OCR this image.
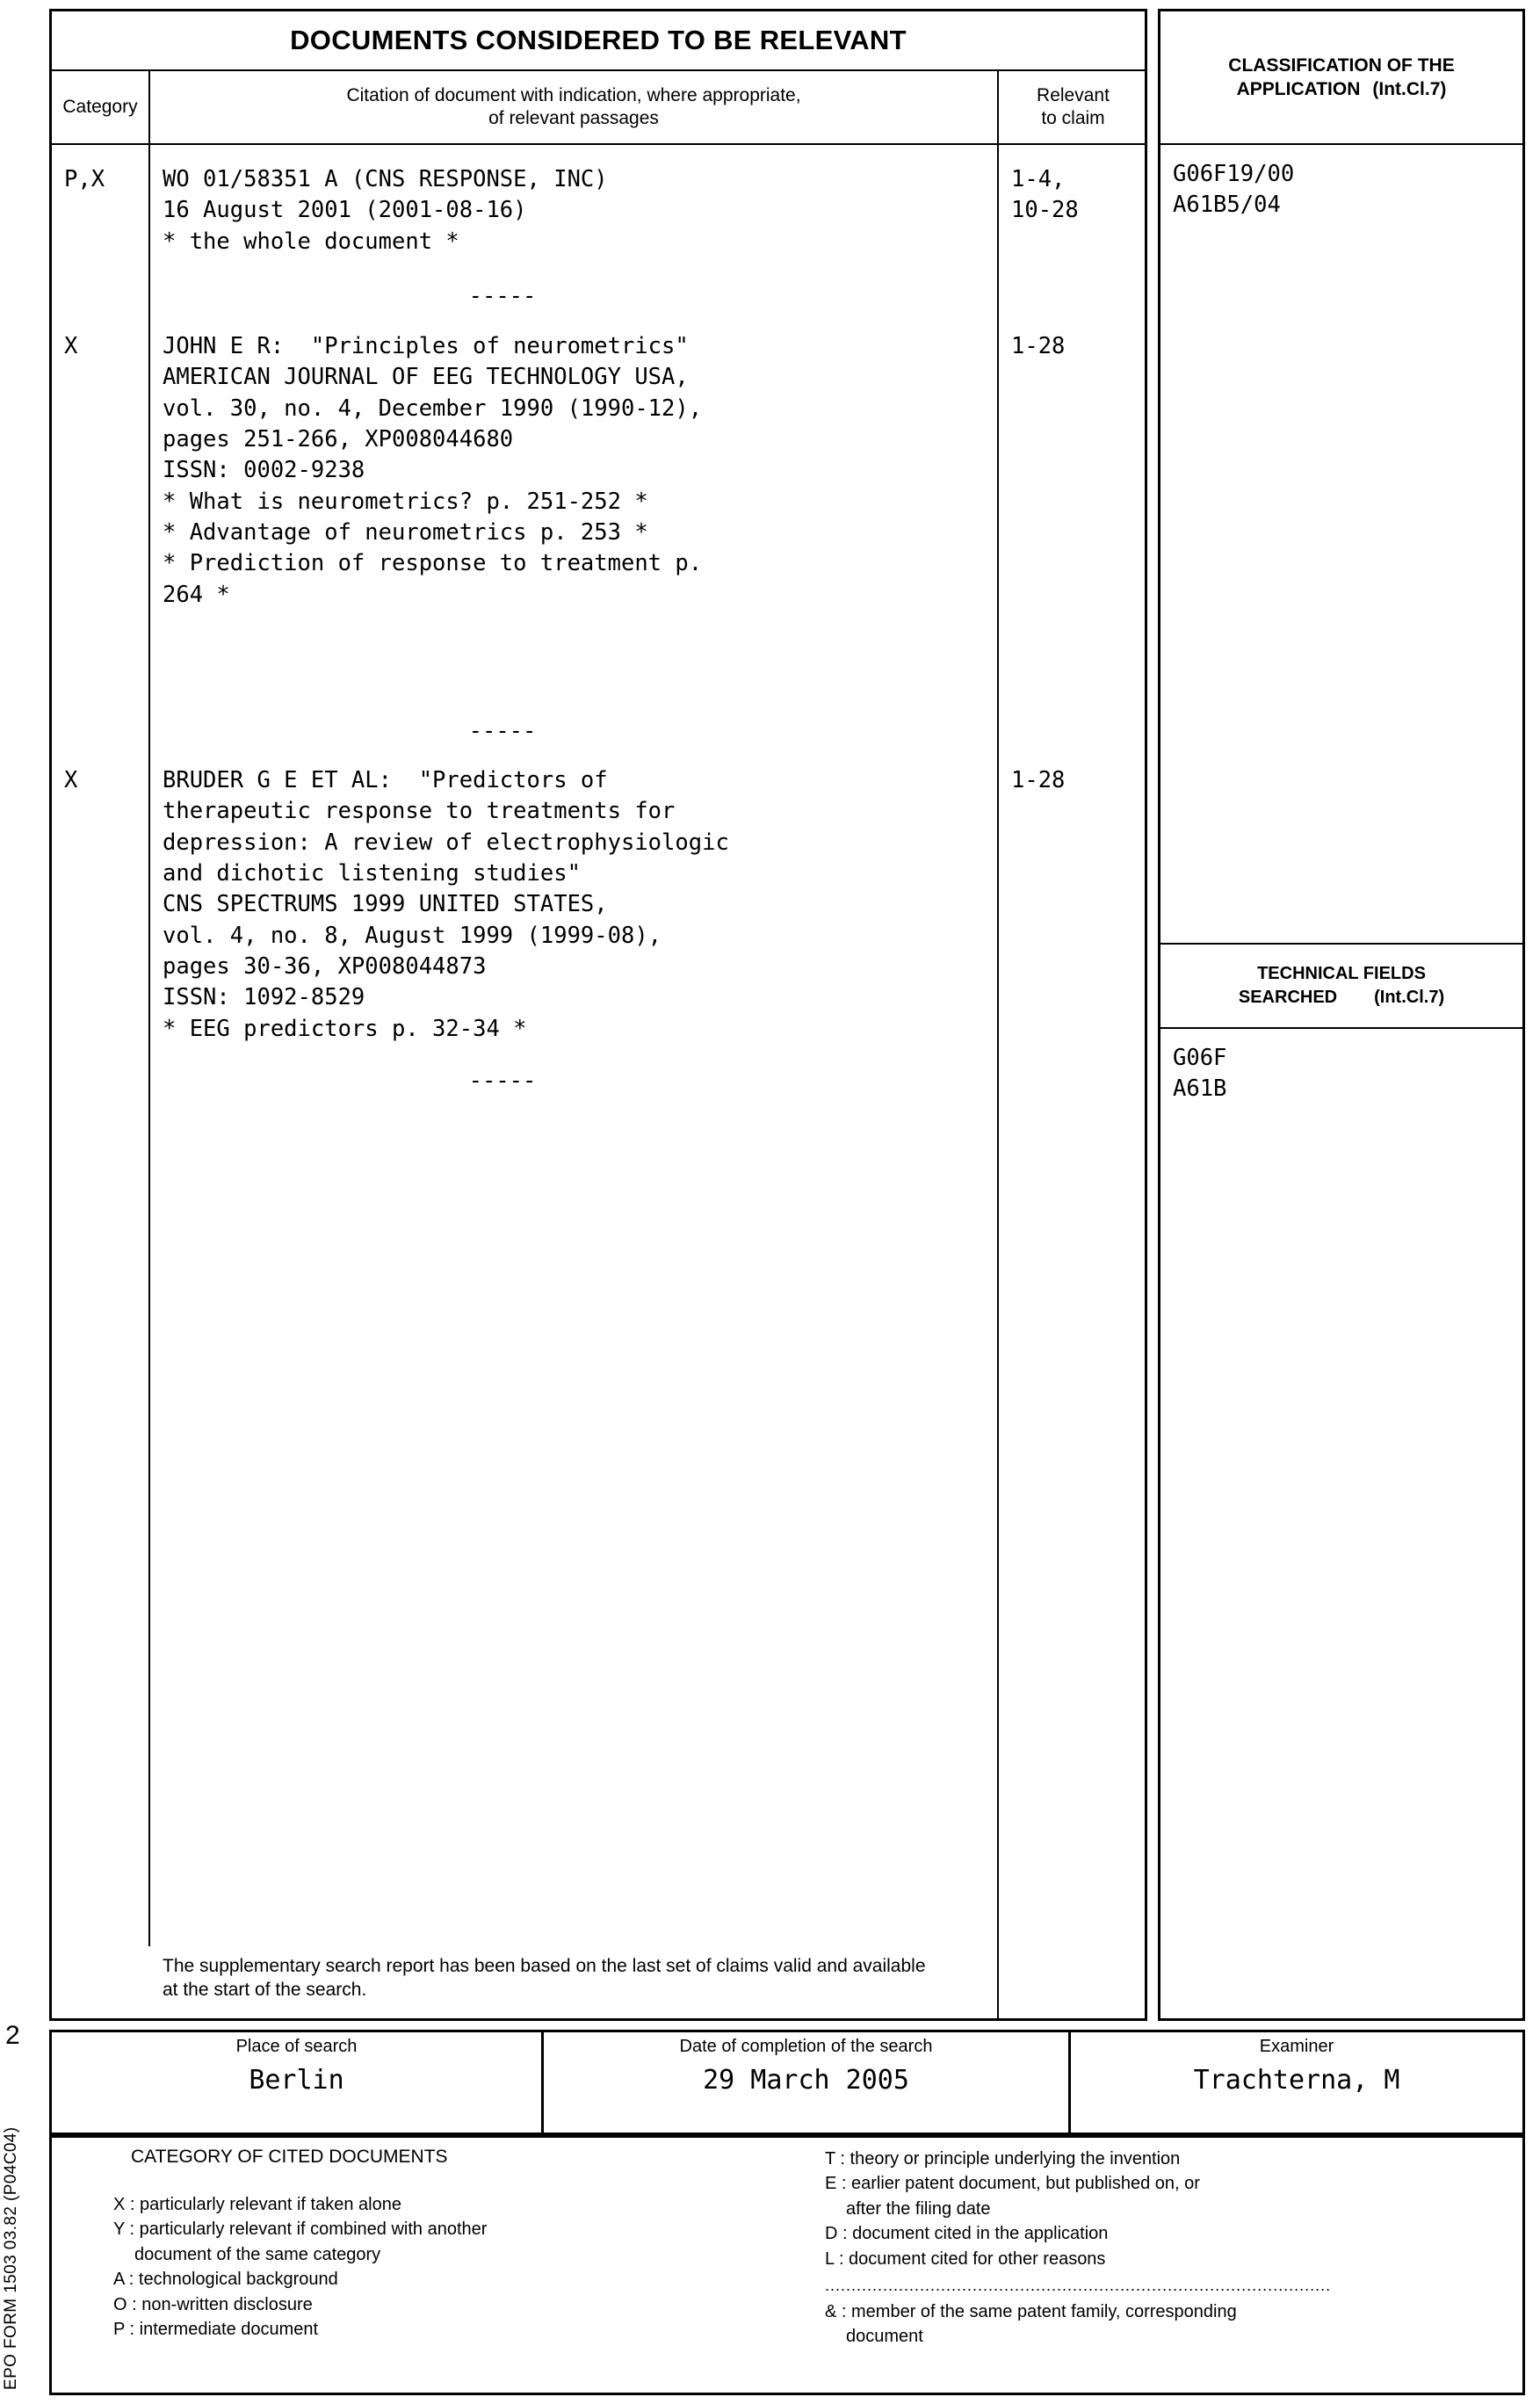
2
EPO FORM 1503 03.82 (P04C04)
DOCUMENTS CONSIDERED TO BE RELEVANT
Category
Citation of document with indication, where appropriate,
of relevant passages
Relevant
to claim
P,X
X
X
WO 01/58351 A (CNS RESPONSE, INC)
16 August 2001 (2001-08-16)
* the whole document *
-----
JOHN E R:  "Principles of neurometrics"
AMERICAN JOURNAL OF EEG TECHNOLOGY USA,
vol. 30, no. 4, December 1990 (1990-12),
pages 251-266, XP008044680
ISSN: 0002-9238
* What is neurometrics? p. 251-252 *
* Advantage of neurometrics p. 253 *
* Prediction of response to treatment p.
264 *
-----
BRUDER G E ET AL:  "Predictors of
therapeutic response to treatments for
depression: A review of electrophysiologic
and dichotic listening studies"
CNS SPECTRUMS 1999 UNITED STATES,
vol. 4, no. 8, August 1999 (1999-08),
pages 30-36, XP008044873
ISSN: 1092-8529
* EEG predictors p. 32-34 *
-----
The supplementary search report has been based on the last set of claims valid and available at the start of the search.
1-4,
10-28
1-28
1-28
CLASSIFICATION OF THE
APPLICATION (Int.Cl.7)
G06F19/00
A61B5/04
TECHNICAL FIELDS
SEARCHED (Int.Cl.7)
G06F
A61B
Place of search
Berlin
Date of completion of the search
29 March 2005
Examiner
Trachterna, M
CATEGORY OF CITED DOCUMENTS
X : particularly relevant if taken alone
Y : particularly relevant if combined with another
document of the same category
A : technological background
O : non-written disclosure
P : intermediate document
T : theory or principle underlying the invention
E : earlier patent document, but published on, or
after the filing date
D : document cited in the application
L : document cited for other reasons
................................................................................................
& : member of the same patent family, corresponding
document
